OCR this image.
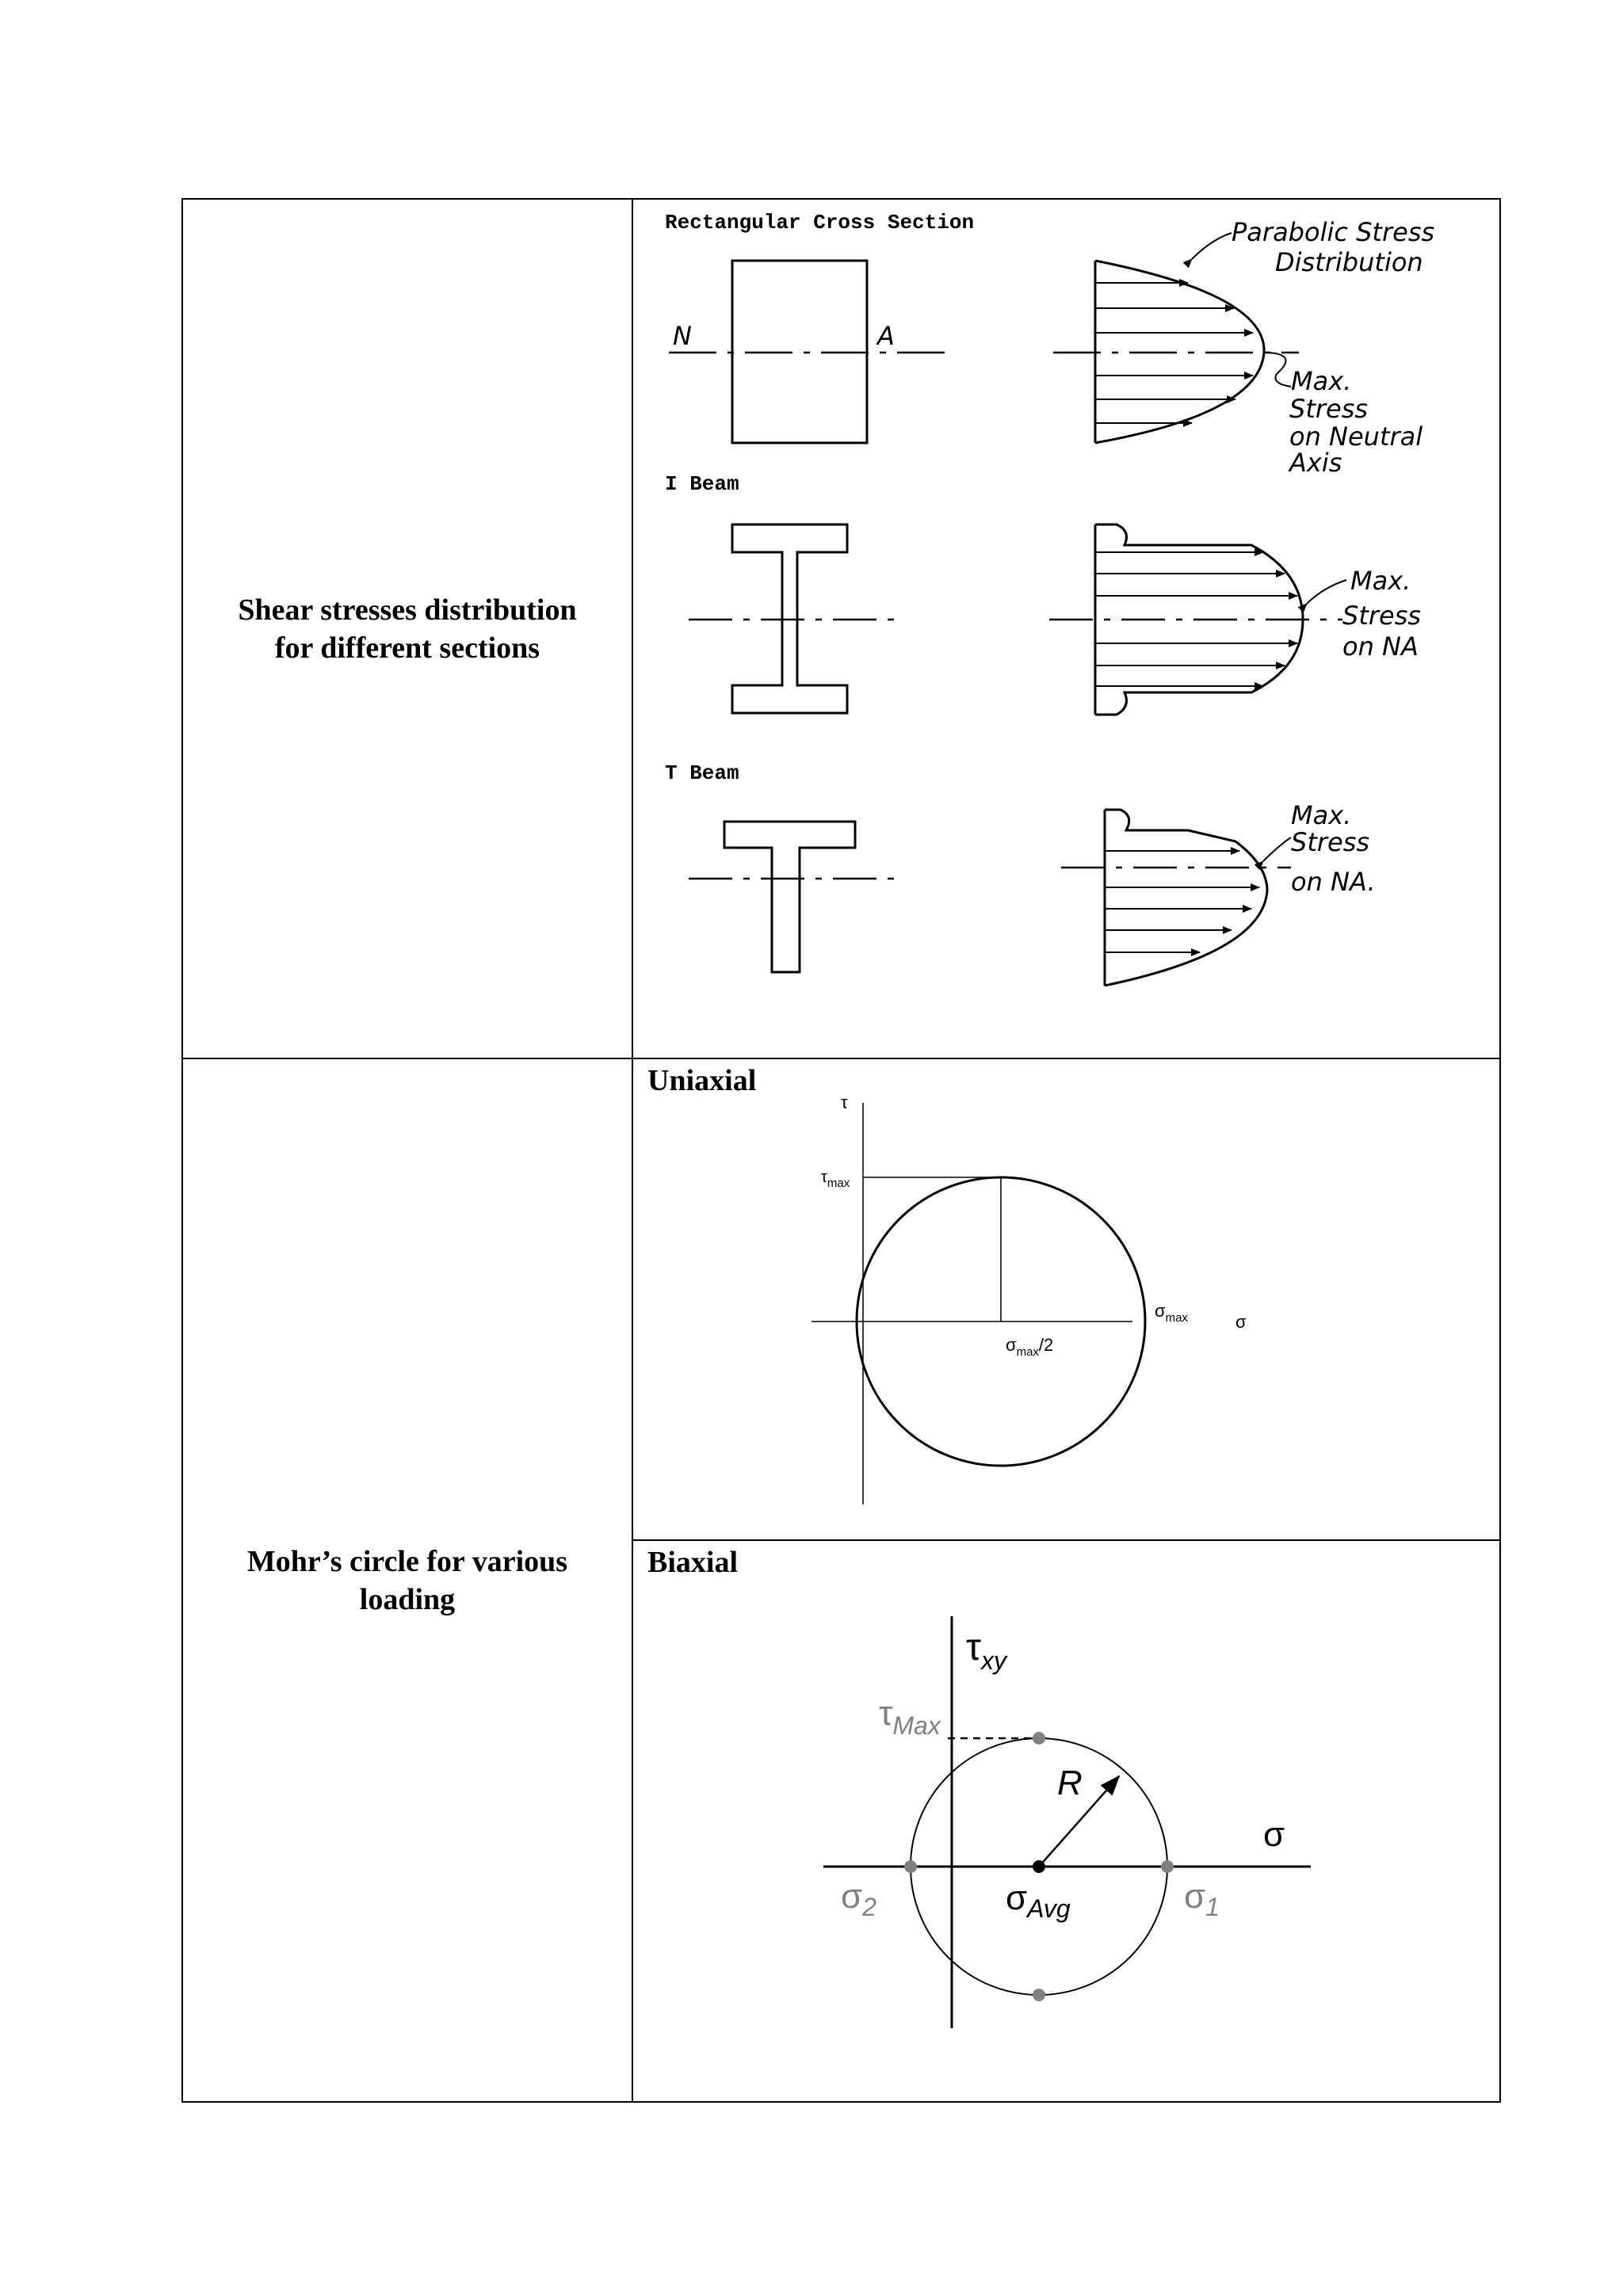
Shear stresses distribution
for different sections
Mohr’s circle for various
loading
Rectangular Cross Section
N	A
Parabolic Stress
Distribution
Max.
Stress
on Neutral
Axis
I Beam
Max.
Stress
on NA
T Beam
Max.
Stress
on NA.
Uniaxial
τ
$\tau_{max}$
$\sigma_{max}/2$
$\sigma_{max}$	σ
Biaxial
$\tau_{xy}$
$\tau_{Max}$
R
σ
$\sigma_2$	$\sigma_{Avg}$	$\sigma_1$
